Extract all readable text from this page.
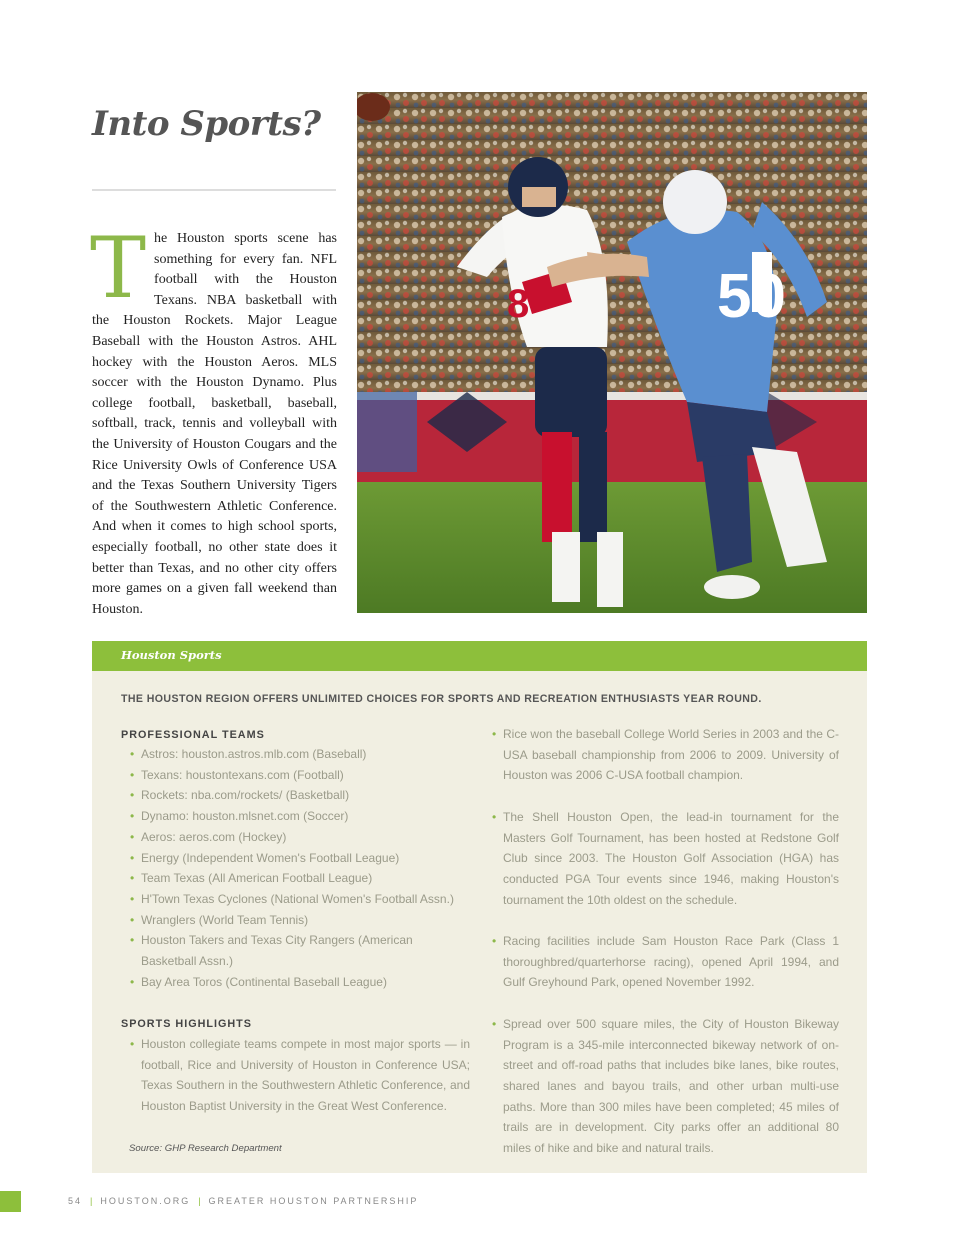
Into Sports?

The Houston sports scene has something for every fan. NFL football with the Houston Texans. NBA basketball with the Houston Rockets. Major League Baseball with the Houston Astros. AHL hockey with the Houston Aeros. MLS soccer with the Houston Dynamo. Plus college football, basketball, baseball, softball, track, tennis and volleyball with the University of Houston Cougars and the Rice University Owls of Conference USA and the Texas Southern University Tigers of the Southwestern Athletic Conference. And when it comes to high school sports, especially football, no other state does it better than Texas, and no other city offers more games on a given fall weekend than Houston.

50
8
Houston Sports
THE HOUSTON REGION OFFERS UNLIMITED CHOICES FOR SPORTS AND RECREATION ENTHUSIASTS YEAR ROUND.
PROFESSIONAL TEAMS
• Astros: houston.astros.mlb.com (Baseball)
• Texans: houstontexans.com (Football)
• Rockets: nba.com/rockets/ (Basketball)
• Dynamo: houston.mlsnet.com (Soccer)
• Aeros: aeros.com (Hockey)
• Energy (Independent Women's Football League)
• Team Texas (All American Football League)
• H'Town Texas Cyclones (National Women's Football Assn.)
• Wranglers (World Team Tennis)
• Houston Takers and Texas City Rangers (American Basketball Assn.)
• Bay Area Toros (Continental Baseball League)
SPORTS HIGHLIGHTS
• Houston collegiate teams compete in most major sports — in football, Rice and University of Houston in Conference USA; Texas Southern in the Southwestern Athletic Conference, and Houston Baptist University in the Great West Conference.
Source: GHP Research Department
• Rice won the baseball College World Series in 2003 and the C-USA baseball championship from 2006 to 2009. University of Houston was 2006 C-USA football champion.
• The Shell Houston Open, the lead-in tournament for the Masters Golf Tournament, has been hosted at Redstone Golf Club since 2003. The Houston Golf Association (HGA) has conducted PGA Tour events since 1946, making Houston's tournament the 10th oldest on the schedule.
• Racing facilities include Sam Houston Race Park (Class 1 thoroughbred/quarterhorse racing), opened April 1994, and Gulf Greyhound Park, opened November 1992.
• Spread over 500 square miles, the City of Houston Bikeway Program is a 345-mile interconnected bikeway network of on-street and off-road paths that includes bike lanes, bike routes, shared lanes and bayou trails, and other urban multi-use paths. More than 300 miles have been completed; 45 miles of trails are in development. City parks offer an additional 80 miles of hike and bike and natural trails.
54 | HOUSTON.ORG | GREATER HOUSTON PARTNERSHIP
